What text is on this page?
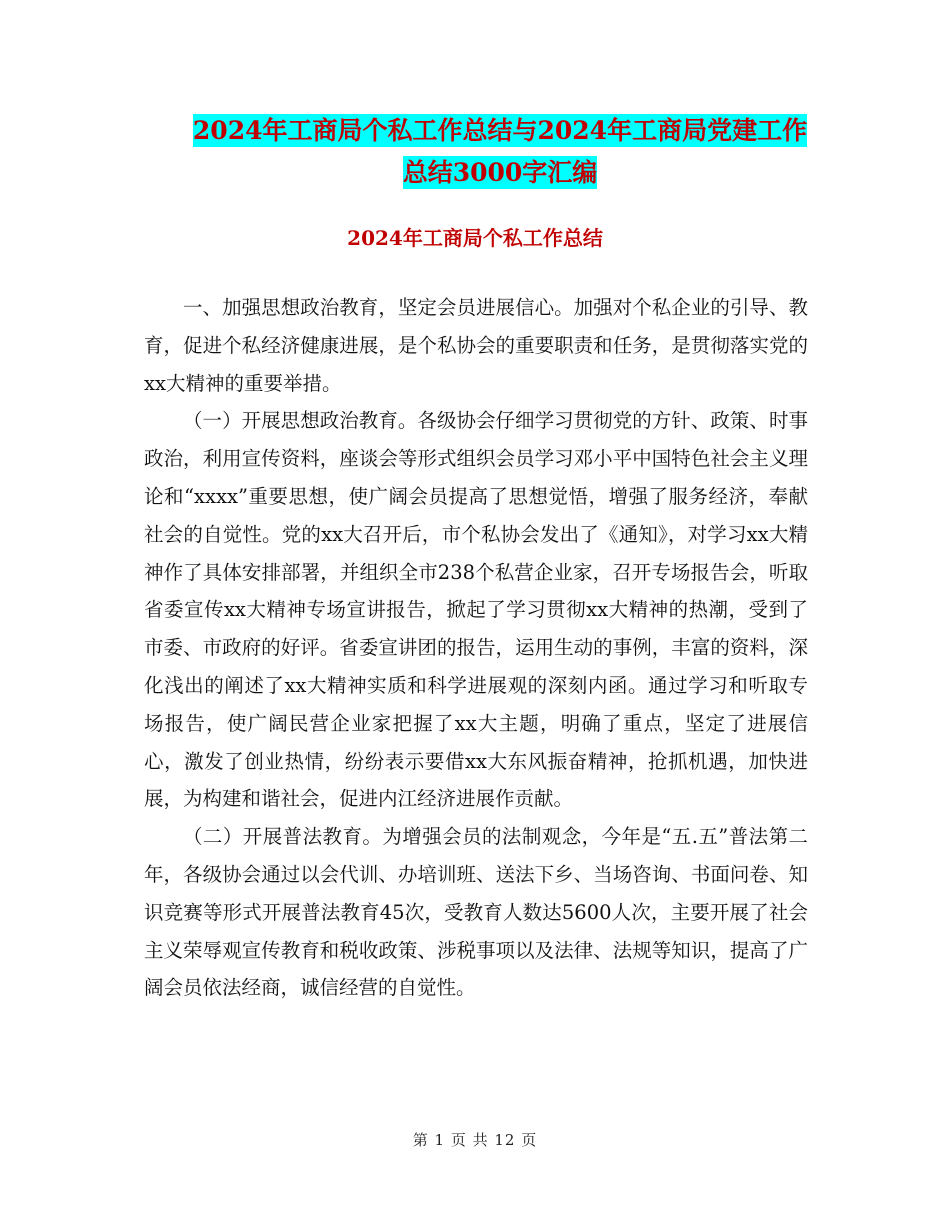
2024年工商局个私工作总结与2024年工商局党建工作
总结3000字汇编
2024年工商局个私工作总结

一、加强思想政治教育，坚定会员进展信心。加强对个私企业的引导、教育，促进个私经济健康进展，是个私协会的重要职责和任务，是贯彻落实党的xx大精神的重要举措。

（一）开展思想政治教育。各级协会仔细学习贯彻党的方针、政策、时事政治，利用宣传资料，座谈会等形式组织会员学习邓小平中国特色社会主义理论和“xxxx”重要思想，使广阔会员提高了思想觉悟，增强了服务经济，奉献社会的自觉性。党的xx大召开后，市个私协会发出了《通知》，对学习xx大精神作了具体安排部署，并组织全市238个私营企业家，召开专场报告会，听取省委宣传xx大精神专场宣讲报告，掀起了学习贯彻xx大精神的热潮，受到了市委、市政府的好评。省委宣讲团的报告，运用生动的事例，丰富的资料，深化浅出的阐述了xx大精神实质和科学进展观的深刻内函。通过学习和听取专场报告，使广阔民营企业家把握了xx大主题，明确了重点，坚定了进展信心，激发了创业热情，纷纷表示要借xx大东风振奋精神，抢抓机遇，加快进展，为构建和谐社会，促进内江经济进展作贡献。

（二）开展普法教育。为增强会员的法制观念，今年是“五.五”普法第二年，各级协会通过以会代训、办培训班、送法下乡、当场咨询、书面问卷、知识竞赛等形式开展普法教育45次，受教育人数达5600人次，主要开展了社会主义荣辱观宣传教育和税收政策、涉税事项以及法律、法规等知识，提高了广阔会员依法经商，诚信经营的自觉性。

第 1 页 共 12 页
